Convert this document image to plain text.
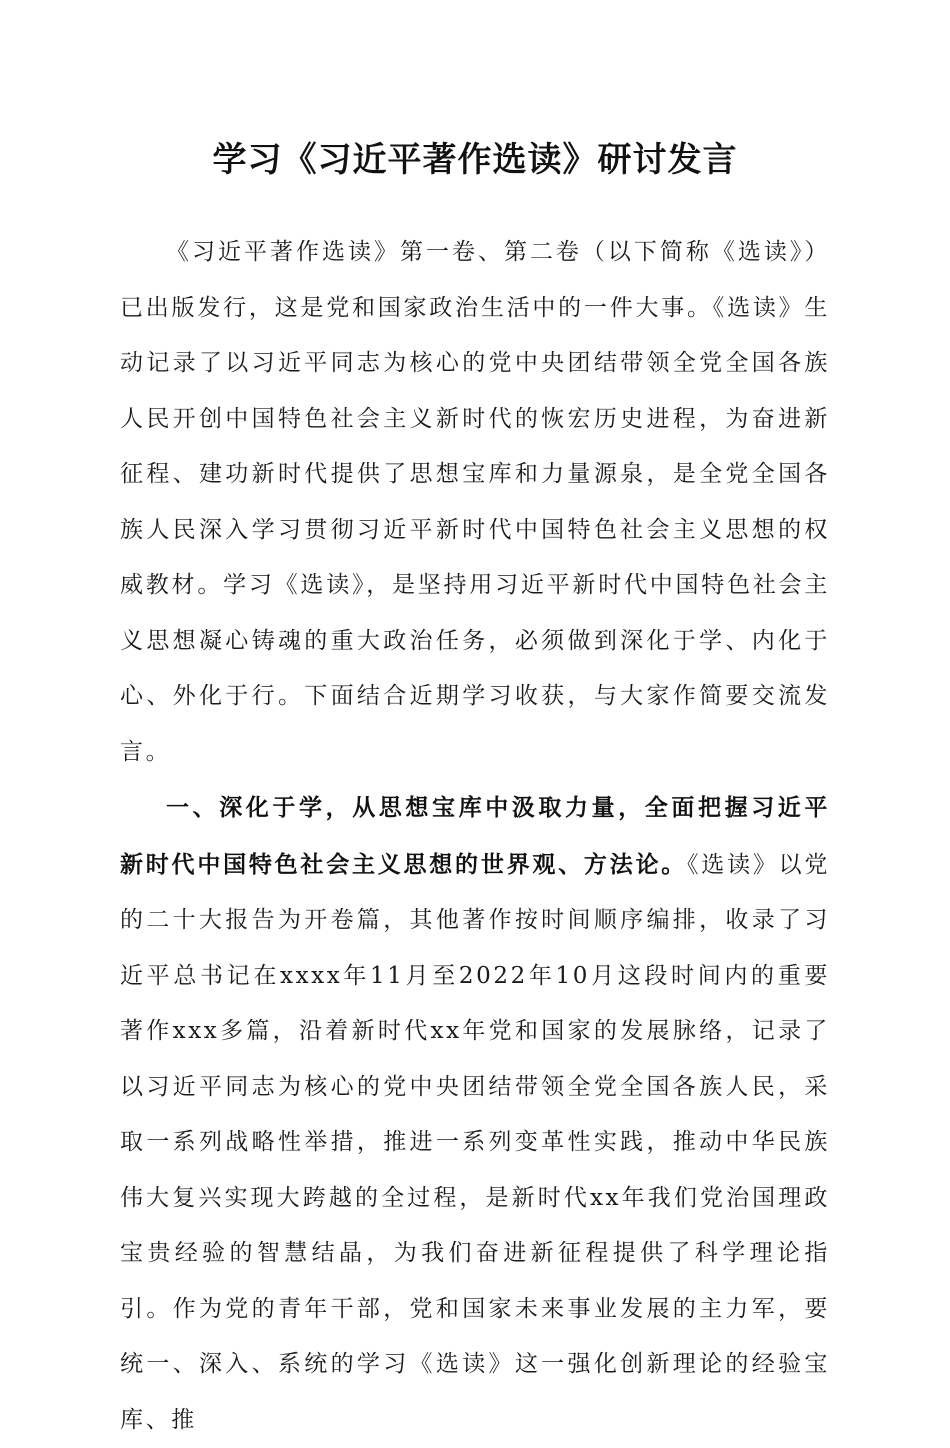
学习《习近平著作选读》研讨发言

《习近平著作选读》第一卷、第二卷（以下简称《选读》）已出版发行，这是党和国家政治生活中的一件大事。《选读》生动记录了以习近平同志为核心的党中央团结带领全党全国各族人民开创中国特色社会主义新时代的恢宏历史进程，为奋进新征程、建功新时代提供了思想宝库和力量源泉，是全党全国各族人民深入学习贯彻习近平新时代中国特色社会主义思想的权威教材。学习《选读》，是坚持用习近平新时代中国特色社会主义思想凝心铸魂的重大政治任务，必须做到深化于学、内化于心、外化于行。下面结合近期学习收获，与大家作简要交流发言。

一、深化于学，从思想宝库中汲取力量，全面把握习近平新时代中国特色社会主义思想的世界观、方法论。《选读》以党的二十大报告为开卷篇，其他著作按时间顺序编排，收录了习近平总书记在xxxx年11月至2022年10月这段时间内的重要著作xxx多篇，沿着新时代xx年党和国家的发展脉络，记录了以习近平同志为核心的党中央团结带领全党全国各族人民，采取一系列战略性举措，推进一系列变革性实践，推动中华民族伟大复兴实现大跨越的全过程，是新时代xx年我们党治国理政宝贵经验的智慧结晶，为我们奋进新征程提供了科学理论指引。作为党的青年干部，党和国家未来事业发展的主力军，要统一、深入、系统的学习《选读》这一强化创新理论的经验宝库、推
